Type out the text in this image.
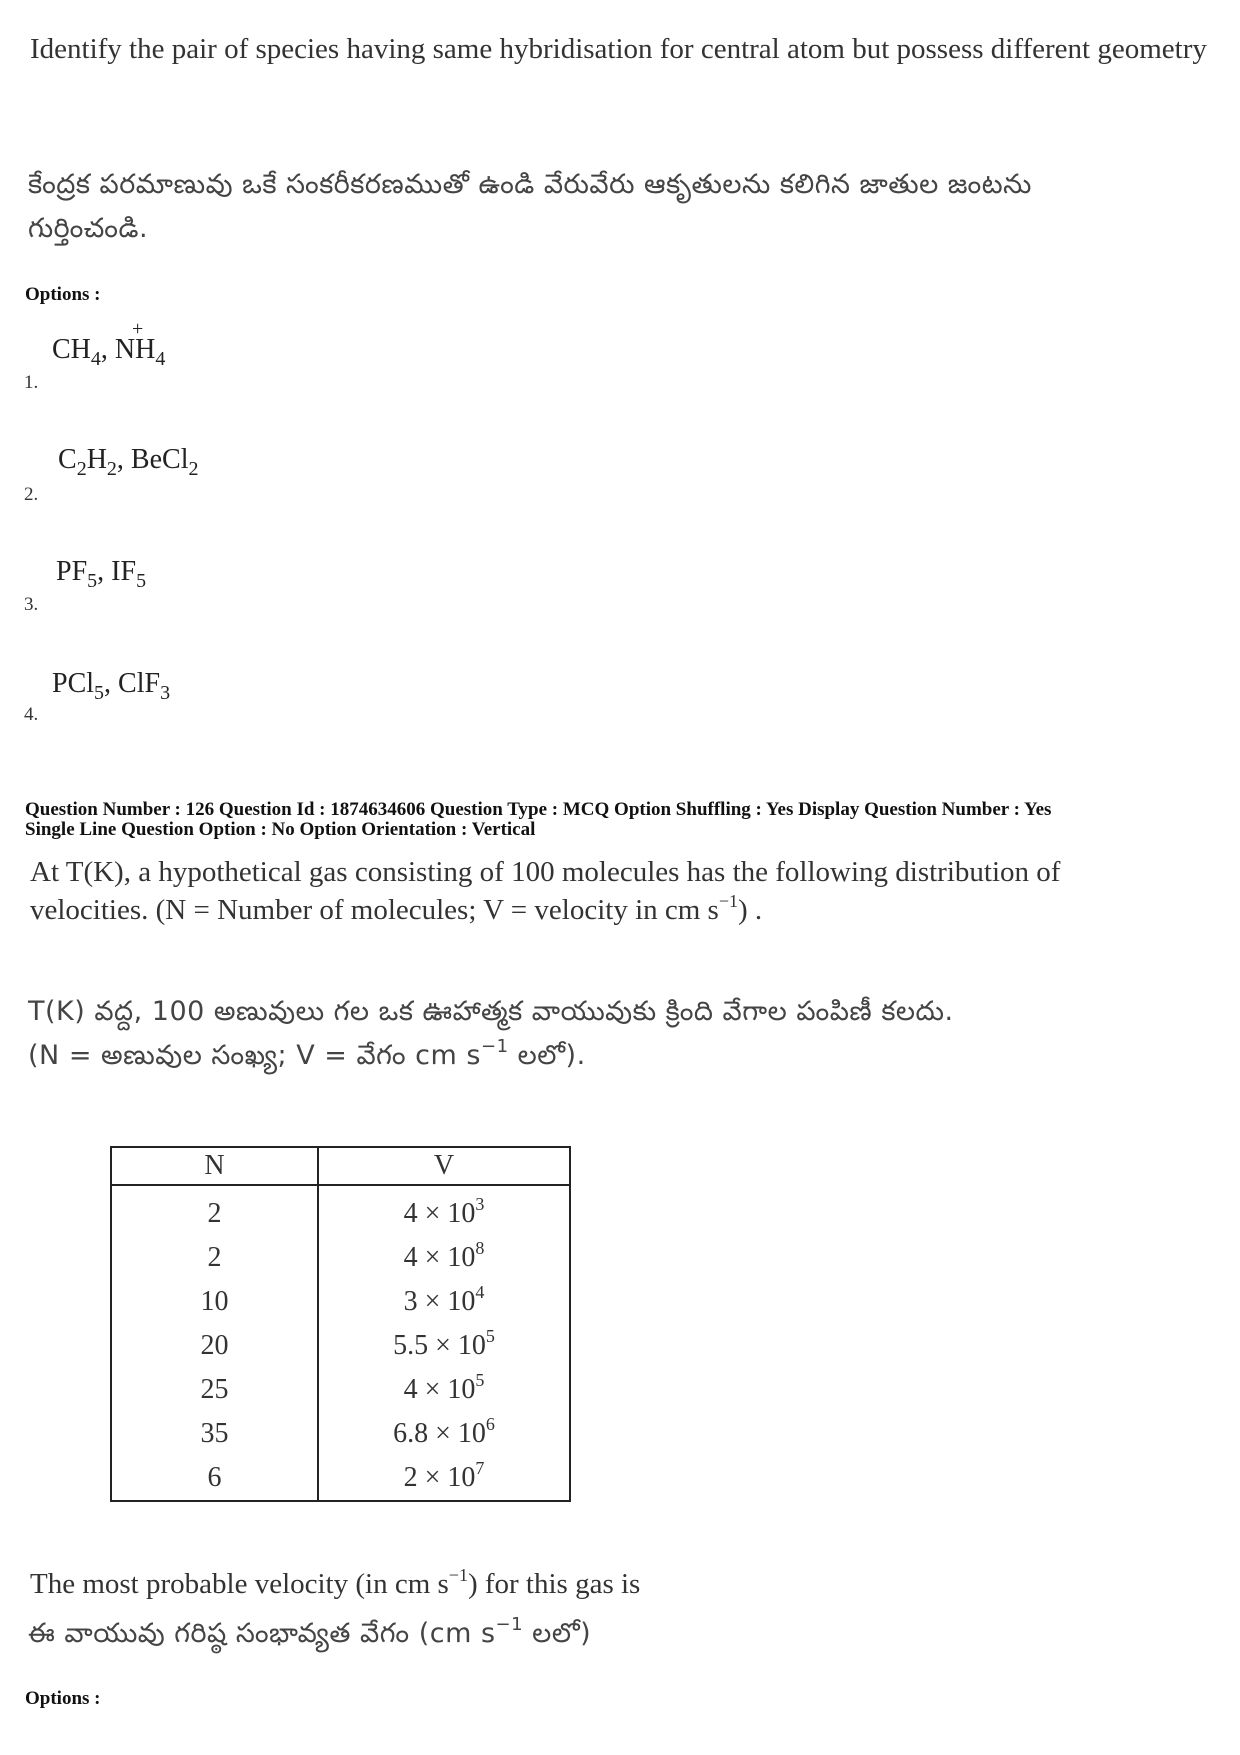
Identify the pair of species having same hybridisation for central atom but possess different geometry
కేంద్రక పరమాణువు ఒకే సంకరీకరణముతో ఉండి వేరువేరు ఆకృతులను కలిగిన జాతుల జంటను గుర్తించండి.
Options :
+
$CH_4$, $NH_4$
1.
$C_2H_2$, BeCl$_2$
2.
$PF_5$, $IF_5$
3.
PCl$_5$, ClF$_3$
4.
Question Number : 126 Question Id : 1874634606 Question Type : MCQ Option Shuffling : Yes Display Question Number : Yes
Single Line Question Option : No Option Orientation : Vertical
At T(K), a hypothetical gas consisting of 100 molecules has the following distribution of
velocities. (N = Number of molecules; V = velocity in cm $s^{-1}$) .
T(K) వద్ద, 100 అణువులు గల ఒక ఊహాత్మక వాయువుకు క్రింది వేగాల పంపిణీ కలదు.
(N = అణువుల సంఖ్య; V = వేగం cm $s^{-1}$ లలో).
N	V
2	$4 \times 10^3$
2	$4 \times 10^8$
10	$3 \times 10^4$
20	$5.5 \times 10^5$
25	$4 \times 10^5$
35	$6.8 \times 10^6$
6	$2 \times 10^7$
The most probable velocity (in cm $s^{-1}$) for this gas is
ఈ వాయువు గరిష్ఠ సంభావ్యత వేగం (cm $s^{-1}$ లలో)
Options :
